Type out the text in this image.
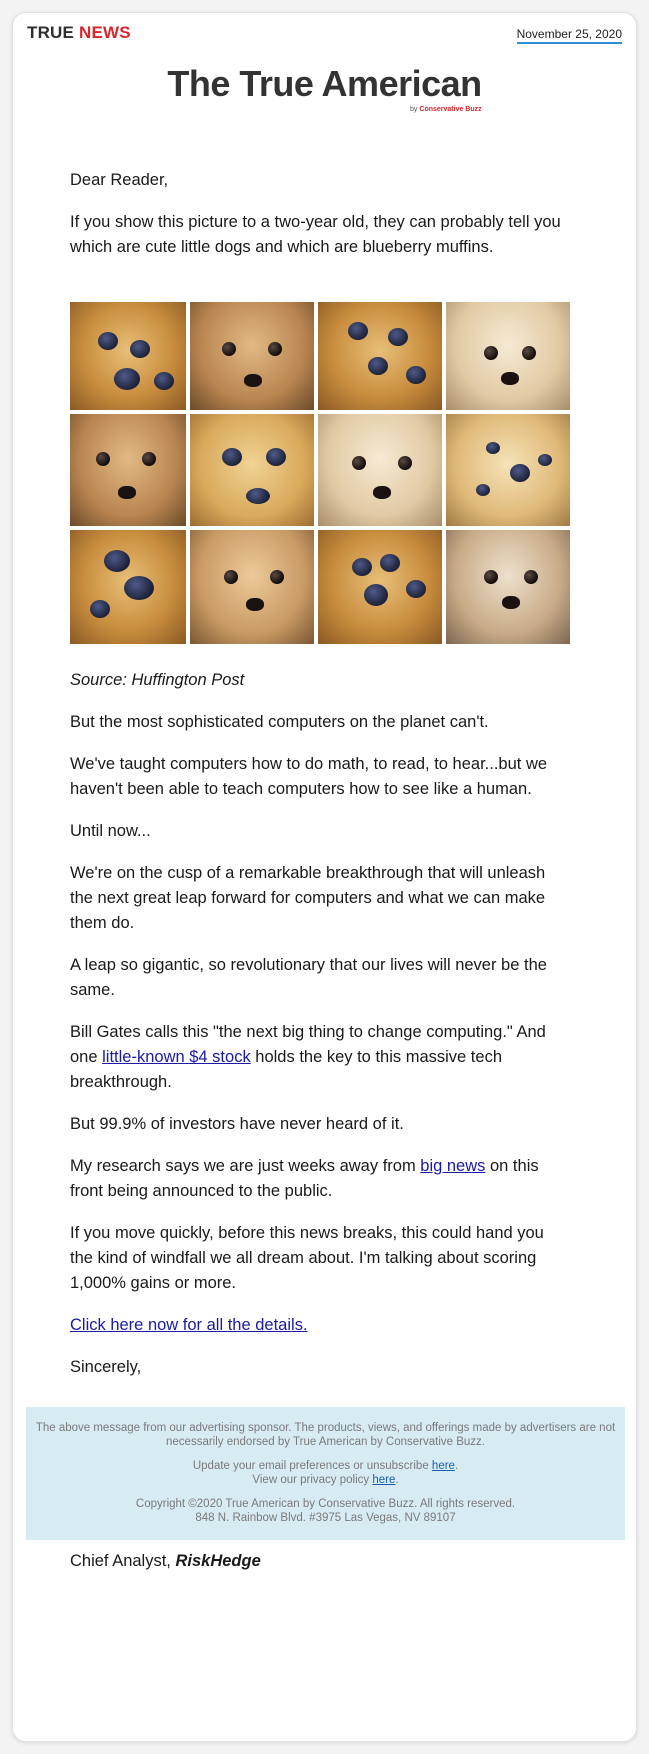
TRUE NEWS	November 25, 2020
The True American
by Conservative Buzz

Dear Reader,

If you show this picture to a two-year old, they can probably tell you which are cute little dogs and which are blueberry muffins.

Source: Huffington Post

But the most sophisticated computers on the planet can't.

We've taught computers how to do math, to read, to hear...but we haven't been able to teach computers how to see like a human.

Until now...

We're on the cusp of a remarkable breakthrough that will unleash the next great leap forward for computers and what we can make them do.

A leap so gigantic, so revolutionary that our lives will never be the same.

Bill Gates calls this "the next big thing to change computing." And one little-known $4 stock holds the key to this massive tech breakthrough.

But 99.9% of investors have never heard of it.

My research says we are just weeks away from big news on this front being announced to the public.

If you move quickly, before this news breaks, this could hand you the kind of windfall we all dream about. I'm talking about scoring 1,000% gains or more.

Click here now for all the details.

Sincerely,

Chief Analyst, RiskHedge

The above message from our advertising sponsor. The products, views, and offerings made by advertisers are not necessarily endorsed by True American by Conservative Buzz.

Update your email preferences or unsubscribe here.
View our privacy policy here.

Copyright ©2020 True American by Conservative Buzz. All rights reserved.
848 N. Rainbow Blvd. #3975 Las Vegas, NV 89107
